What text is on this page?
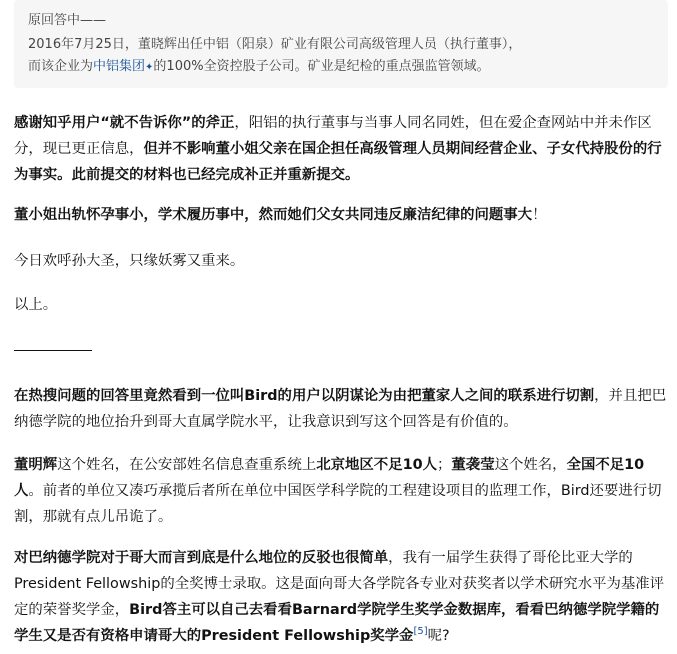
原回答中——
2016年7月25日，董晓辉出任中铝（阳泉）矿业有限公司高级管理人员（执行董事），
而该企业为中铝集团✦的100%全资控股子公司。矿业是纪检的重点强监管领域。
感谢知乎用户“就不告诉你”的斧正，阳铝的执行董事与当事人同名同姓，但在爱企查网站中并未作区分，现已更正信息，但并不影响董小姐父亲在国企担任高级管理人员期间经营企业、子女代持股份的行为事实。此前提交的材料也已经完成补正并重新提交。
董小姐出轨怀孕事小，学术履历事中，然而她们父女共同违反廉洁纪律的问题事大！
今日欢呼孙大圣，只缘妖雾又重来。
以上。
在热搜问题的回答里竟然看到一位叫Bird的用户以阴谋论为由把董家人之间的联系进行切割，并且把巴纳德学院的地位抬升到哥大直属学院水平，让我意识到写这个回答是有价值的。
董明辉这个姓名，在公安部姓名信息查重系统上北京地区不足10人；董袭莹这个姓名，全国不足10人。前者的单位又凑巧承揽后者所在单位中国医学科学院的工程建设项目的监理工作，Bird还要进行切割，那就有点儿吊诡了。
对巴纳德学院对于哥大而言到底是什么地位的反驳也很简单，我有一届学生获得了哥伦比亚大学的President Fellowship的全奖博士录取。这是面向哥大各学院各专业对获奖者以学术研究水平为基准评定的荣誉奖学金，Bird答主可以自己去看看Barnard学院学生奖学金数据库，看看巴纳德学院学籍的学生又是否有资格申请哥大的President Fellowship奖学金[5]呢?
